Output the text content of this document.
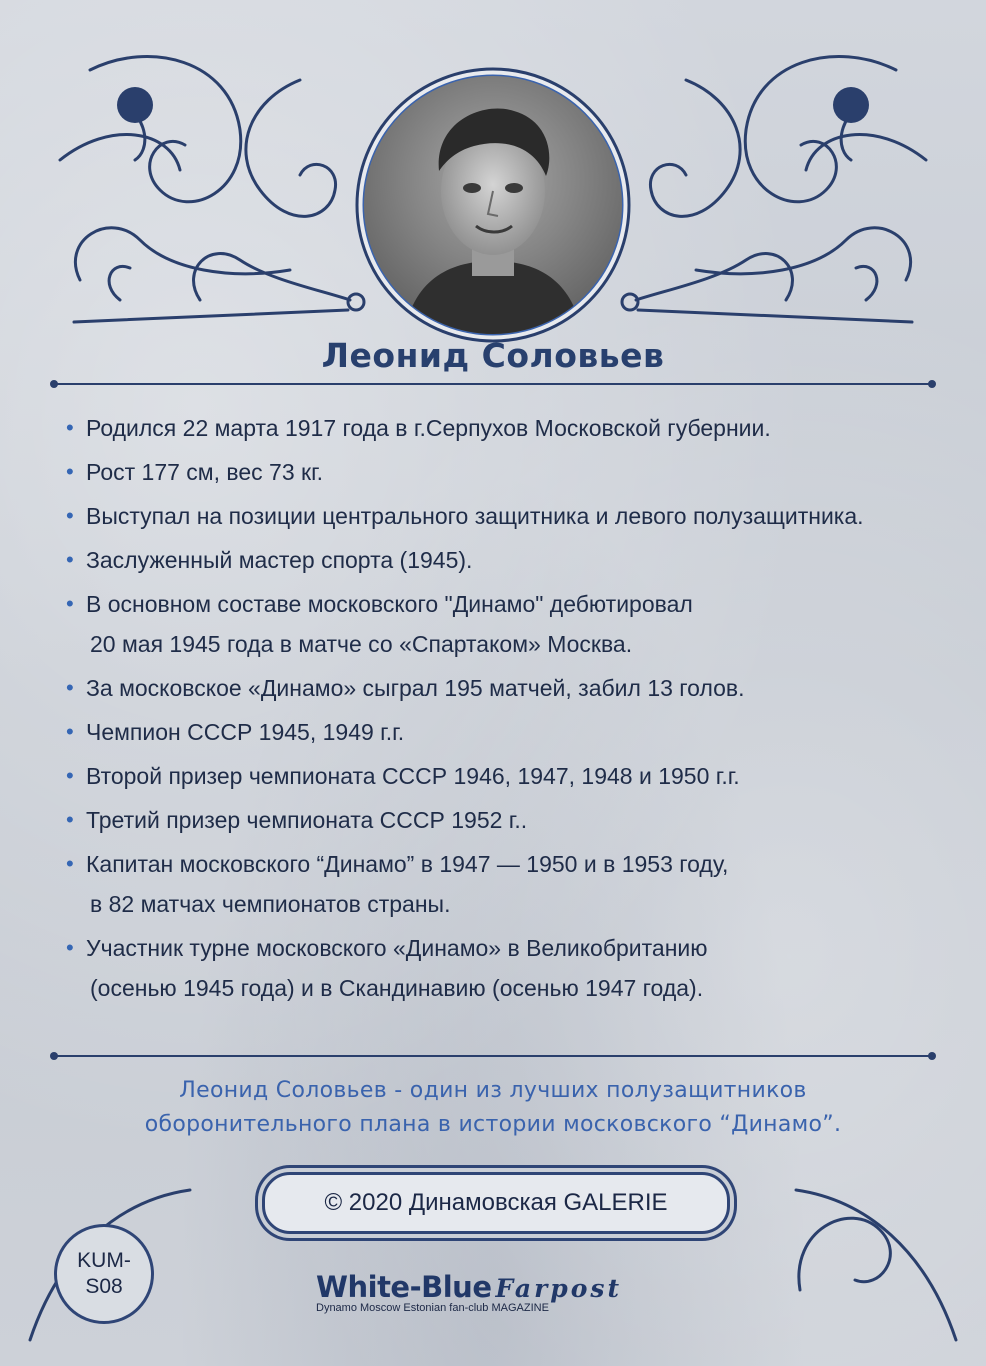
Леонид Соловьев
• Родился 22 марта 1917 года в г.Серпухов Московской губернии.
• Рост 177 см, вес 73 кг.
• Выступал на позиции центрального защитника и левого полузащитника.
• Заслуженный мастер спорта (1945).
• В основном составе московского "Динамо" дебютировал
20 мая 1945 года в матче со «Спартаком» Москва.
• За московское «Динамо» сыграл 195 матчей, забил 13 голов.
• Чемпион СССР 1945, 1949 г.г.
• Второй призер чемпионата СССР 1946, 1947, 1948 и 1950 г.г.
• Третий призер чемпионата СССР 1952 г..
• Капитан московского “Динамо” в 1947 — 1950 и в 1953 году,
в 82 матчах чемпионатов страны.
• Участник турне московского «Динамо» в Великобританию
(осенью 1945 года) и в Скандинавию (осенью 1947 года).
Леонид Соловьев - один из лучших полузащитников
оборонительного плана в истории московского “Динамо”.
© 2020 Динамовская GALERIE
KUM-
S08	White-Blue Farpost
Dynamo Moscow Estonian fan-club MAGAZINE
